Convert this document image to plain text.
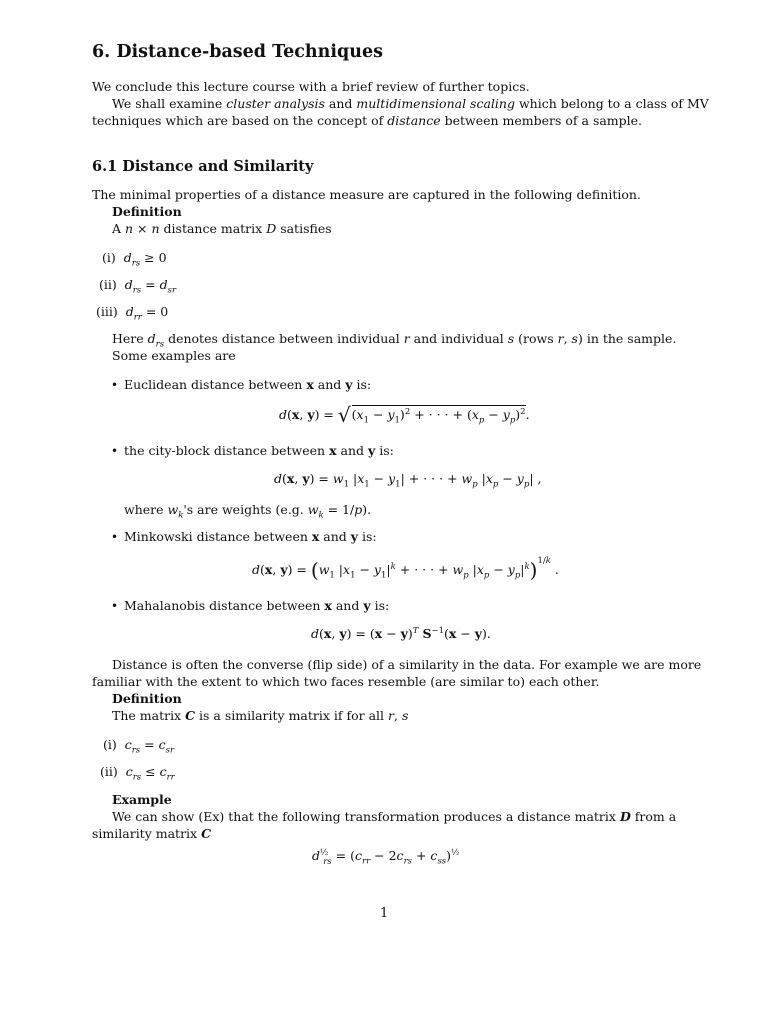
6. Distance-based Techniques
We conclude this lecture course with a brief review of further topics.
We shall examine cluster analysis and multidimensional scaling which belong to a class of MV
techniques which are based on the concept of distance between members of a sample.
6.1 Distance and Similarity
The minimal properties of a distance measure are captured in the following definition.
Definition
A n × n distance matrix D satisfies
(i) $d_{rs} \ge 0$
(ii) $d_{rs} = d_{sr}$
(iii) $d_{rr} = 0$
Here $d_{rs}$ denotes distance between individual r and individual s (rows r, s) in the sample.
Some examples are
• Euclidean distance between x and y is:
d(x, $y) = √(x_1 - y_1)^2$ + · · · + $(x_p - y_p)^2$.
• the city-block distance between x and y is:
d(x, $y) = w_1$ $|x_1 - y_1|$ + · · · + $w_p$ $|x_p - y_p|$ ,
where $w_k's$ are weights (e.g. $w_k = 1/p$).
• Minkowski distance between x and y is:
d(x, $y) = (w_1$ $|x_1 - y_1|^k$ + · · · + $w_p$ $|x_p - y_p|^k)^{1/k}$ .
• Mahalanobis distance between x and y is:
d(x, $y) = (x - y)^T$ $S^{-1}(x - y)$.
Distance is often the converse (flip side) of a similarity in the data. For example we are more
familiar with the extent to which two faces resemble (are similar to) each other.
Definition
The matrix C is a similarity matrix if for all r, s
(i) $c_{rs} = c_{sr}$
(ii) $c_{rs} \le c_{rr}$
Example
We can show (Ex) that the following transformation produces a distance matrix D from a
similarity matrix C
$d^{\frac{1}{2}}_{rs} = (c_{rr} - 2c_{rs} + c_{ss})^{\frac{1}{2}}$
1
